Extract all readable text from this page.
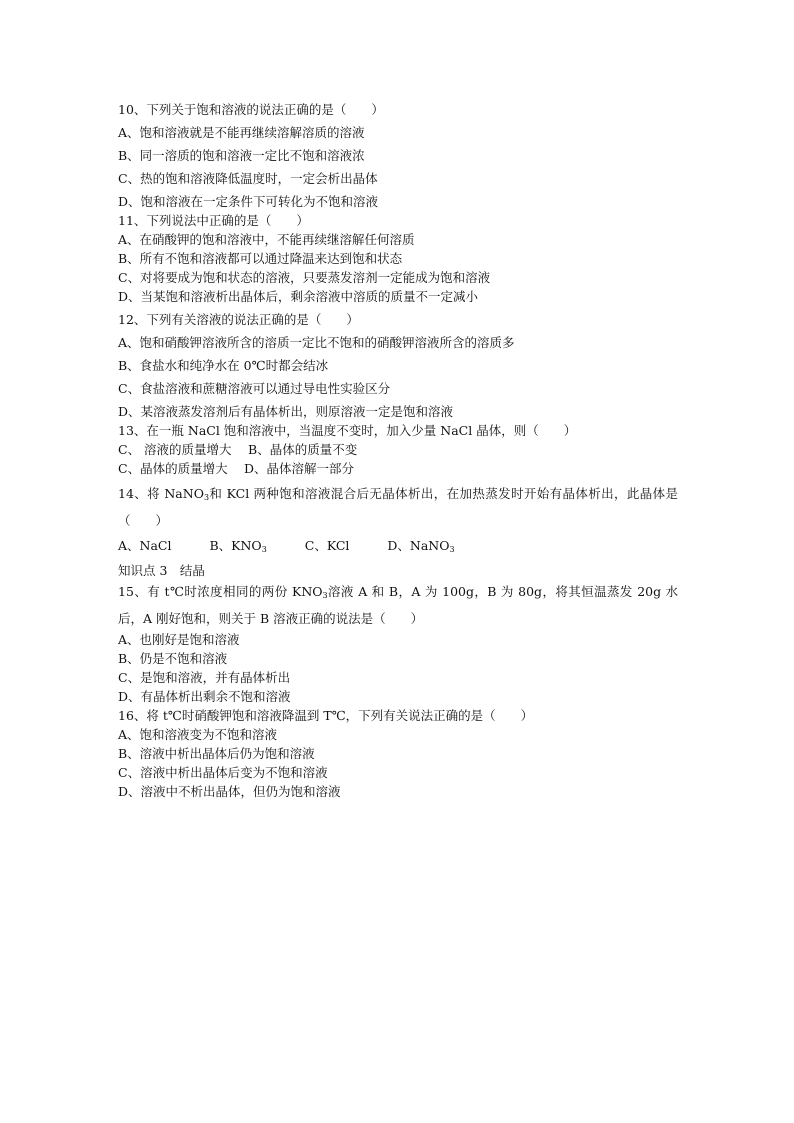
10、下列关于饱和溶液的说法正确的是（　　）
A、饱和溶液就是不能再继续溶解溶质的溶液
B、同一溶质的饱和溶液一定比不饱和溶液浓
C、热的饱和溶液降低温度时，一定会析出晶体
D、饱和溶液在一定条件下可转化为不饱和溶液
11、下列说法中正确的是（　　）
A、在硝酸钾的饱和溶液中，不能再续继溶解任何溶质
B、所有不饱和溶液都可以通过降温来达到饱和状态
C、对将要成为饱和状态的溶液，只要蒸发溶剂一定能成为饱和溶液
D、当某饱和溶液析出晶体后，剩余溶液中溶质的质量不一定减小
12、下列有关溶液的说法正确的是（　　）
A、饱和硝酸钾溶液所含的溶质一定比不饱和的硝酸钾溶液所含的溶质多
B、食盐水和纯净水在 0℃时都会结冰
C、食盐溶液和蔗糖溶液可以通过导电性实验区分
D、某溶液蒸发溶剂后有晶体析出，则原溶液一定是饱和溶液
13、在一瓶 NaCl 饱和溶液中，当温度不变时，加入少量 NaCl 晶体，则（　　）
C、 溶液的质量增大　 B、晶体的质量不变
C、晶体的质量增大　 D、晶体溶解一部分
14、将 NaNO$_3$和 KCl 两种饱和溶液混合后无晶体析出，在加热蒸发时开始有晶体析出，此晶体是（　　）
A、NaCl	B、$KNO_3$	C、KCl	D、NaNO$_3$
知识点 3　结晶
15、有 t℃时浓度相同的两份 $KNO_3$溶液 A 和 B，A 为 100g，B 为 80g，将其恒温蒸发 20g 水后，A 刚好饱和，则关于 B 溶液正确的说法是（　　）
A、也刚好是饱和溶液
B、仍是不饱和溶液
C、是饱和溶液，并有晶体析出
D、有晶体析出剩余不饱和溶液
16、将 t℃时硝酸钾饱和溶液降温到 T℃，下列有关说法正确的是（　　）
A、饱和溶液变为不饱和溶液
B、溶液中析出晶体后仍为饱和溶液
C、溶液中析出晶体后变为不饱和溶液
D、溶液中不析出晶体，但仍为饱和溶液
